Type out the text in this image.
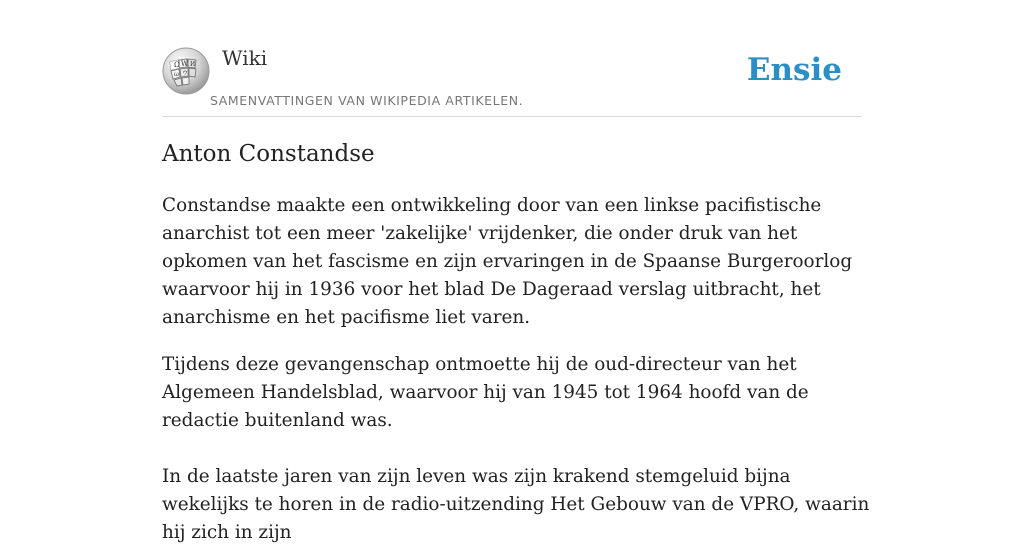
Ω W И
ω ウ
Wiki
SAMENVATTINGEN VAN WIKIPEDIA ARTIKELEN.
Ensie
Anton Constandse

Constandse maakte een ontwikkeling door van een linkse pacifistische anarchist tot een meer 'zakelijke' vrijdenker, die onder druk van het opkomen van het fascisme en zijn ervaringen in de Spaanse Burgeroorlog waarvoor hij in 1936 voor het blad De Dageraad verslag uitbracht, het anarchisme en het pacifisme liet varen.

Tijdens deze gevangenschap ontmoette hij de oud-directeur van het Algemeen Handelsblad, waarvoor hij van 1945 tot 1964 hoofd van de redactie buitenland was.

In de laatste jaren van zijn leven was zijn krakend stemgeluid bijna wekelijks te horen in de radio-uitzending Het Gebouw van de VPRO, waarin hij zich in zijn
